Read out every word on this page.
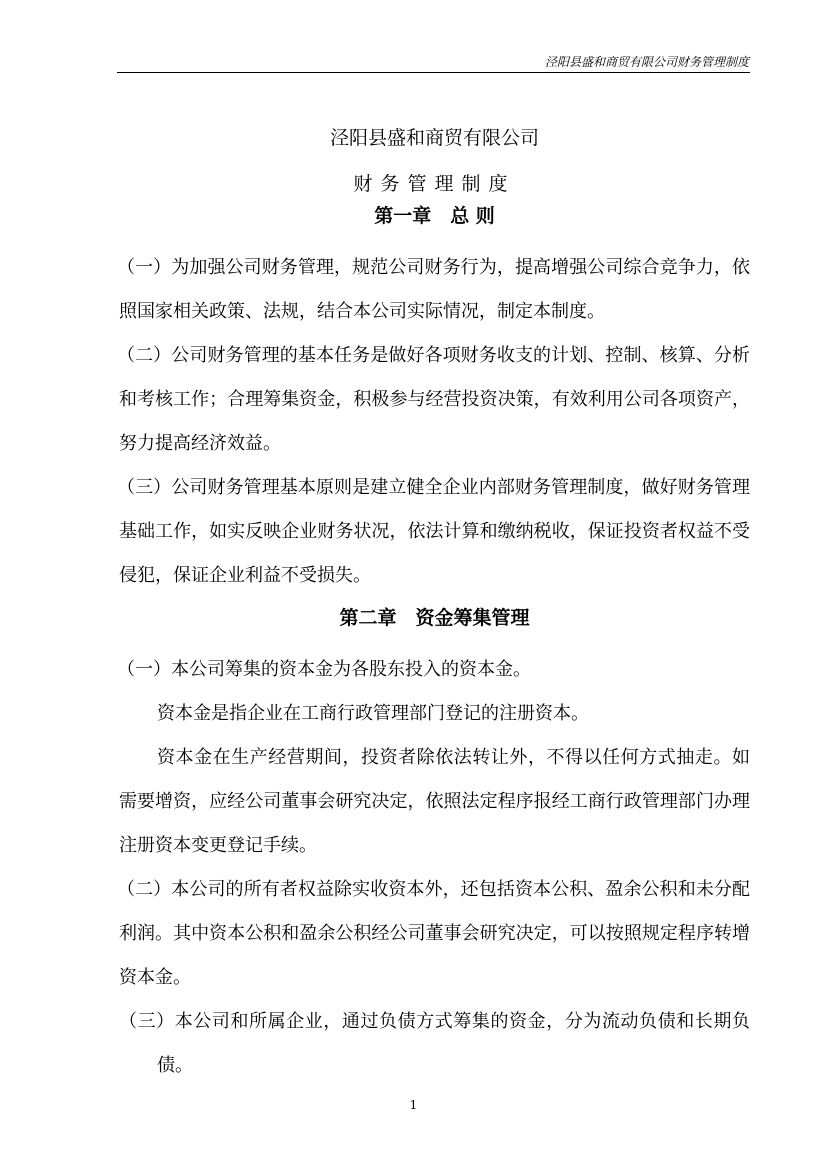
泾阳县盛和商贸有限公司财务管理制度

泾阳县盛和商贸有限公司

财务管理制度

第一章　总 则

（一）为加强公司财务管理，规范公司财务行为，提高增强公司综合竞争力，依照国家相关政策、法规，结合本公司实际情况，制定本制度。

（二）公司财务管理的基本任务是做好各项财务收支的计划、控制、核算、分析和考核工作；合理筹集资金，积极参与经营投资决策，有效利用公司各项资产，努力提高经济效益。

（三）公司财务管理基本原则是建立健全企业内部财务管理制度，做好财务管理基础工作，如实反映企业财务状况，依法计算和缴纳税收，保证投资者权益不受侵犯，保证企业利益不受损失。

第二章　资金筹集管理

（一）本公司筹集的资本金为各股东投入的资本金。

资本金是指企业在工商行政管理部门登记的注册资本。

资本金在生产经营期间，投资者除依法转让外，不得以任何方式抽走。如需要增资，应经公司董事会研究决定，依照法定程序报经工商行政管理部门办理注册资本变更登记手续。

（二）本公司的所有者权益除实收资本外，还包括资本公积、盈余公积和未分配利润。其中资本公积和盈余公积经公司董事会研究决定，可以按照规定程序转增资本金。

（三）本公司和所属企业，通过负债方式筹集的资金，分为流动负债和长期负债。

1
